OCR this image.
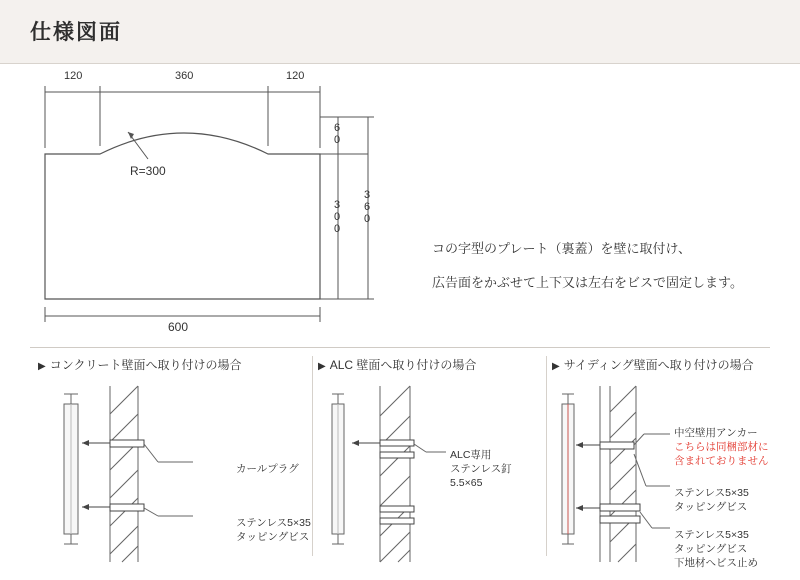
仕様図面
120	360	120
R=300
60
300 360
600
コの字型のプレート（裏蓋）を壁に取付け、
広告面をかぶせて上下又は左右をビスで固定します。
▶ コンクリート壁面へ取り付けの場合
カールプラグ
ステンレス5×35
タッピングビス
▶ ALC 壁面へ取り付けの場合
ALC専用
ステンレス釘
5.5×65
▶ サイディング壁面へ取り付けの場合
中空壁用アンカー
こちらは同梱部材に
含まれておりません
ステンレス5×35
タッピングビス
ステンレス5×35
タッピングビス
下地材へビス止め
